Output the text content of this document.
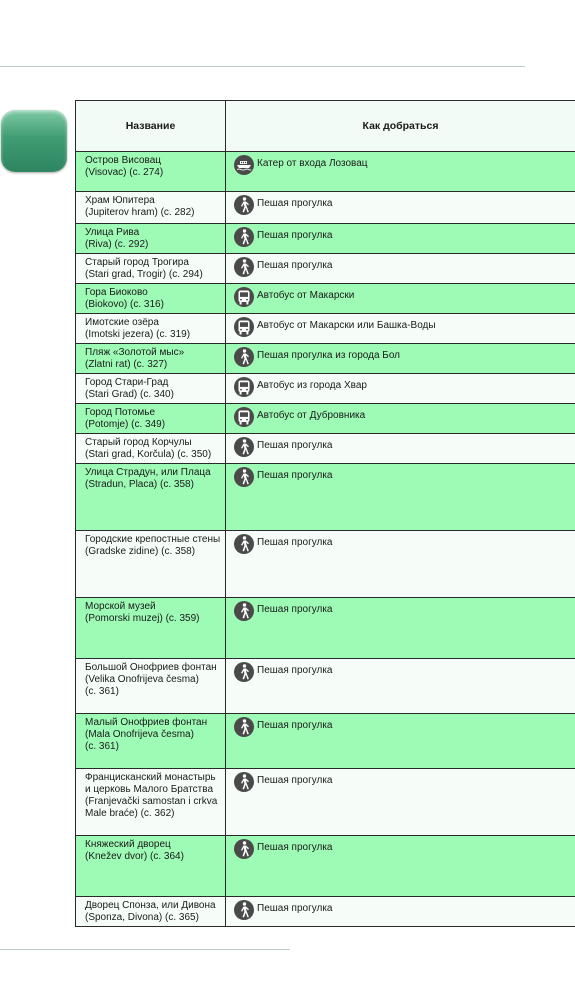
Название	Как добраться
Остров Висовац
(Visovac) (с. 274)	Катер от входа Лозовац

Храм Юпитера
(Jupiterov hram) (с. 282)	Пешая прогулка

Улица Рива
(Riva) (с. 292)	Пешая прогулка

Старый город Трогира
(Stari grad, Trogir) (с. 294)	Пешая прогулка

Гора Биоково
(Biokovo) (с. 316)	Автобус от Макарски

Имотские озёра
(Imotski jezera) (с. 319)	Автобус от Макарски или Башка-Воды

Пляж «Золотой мыс»
(Zlatni rat) (с. 327)	Пешая прогулка из города Бол

Город Стари-Град
(Stari Grad) (с. 340)	Автобус из города Хвар

Город Потомье
(Potomje) (с. 349)	Автобус от Дубровника

Старый город Корчулы
(Stari grad, Korčula) (с. 350)	Пешая прогулка

Улица Страдун, или Плаца
(Stradun, Placa) (с. 358)	Пешая прогулка

Городские крепостные стены
(Gradske zidine) (с. 358)	Пешая прогулка

Морской музей
(Pomorski muzej) (с. 359)	Пешая прогулка

Большой Онофриев фонтан
(Velika Onofrijeva česma)
(с. 361)	Пешая прогулка

Малый Онофриев фонтан
(Mala Onofrijeva česma)
(с. 361)	Пешая прогулка

Францисканский монастырь
и церковь Малого Братства
(Franjevački samostan i crkva
Male braće) (с. 362)	Пешая прогулка

Княжеский дворец
(Knežev dvor) (с. 364)	Пешая прогулка

Дворец Спонза, или Дивона
(Sponza, Divona) (с. 365)	Пешая прогулка
